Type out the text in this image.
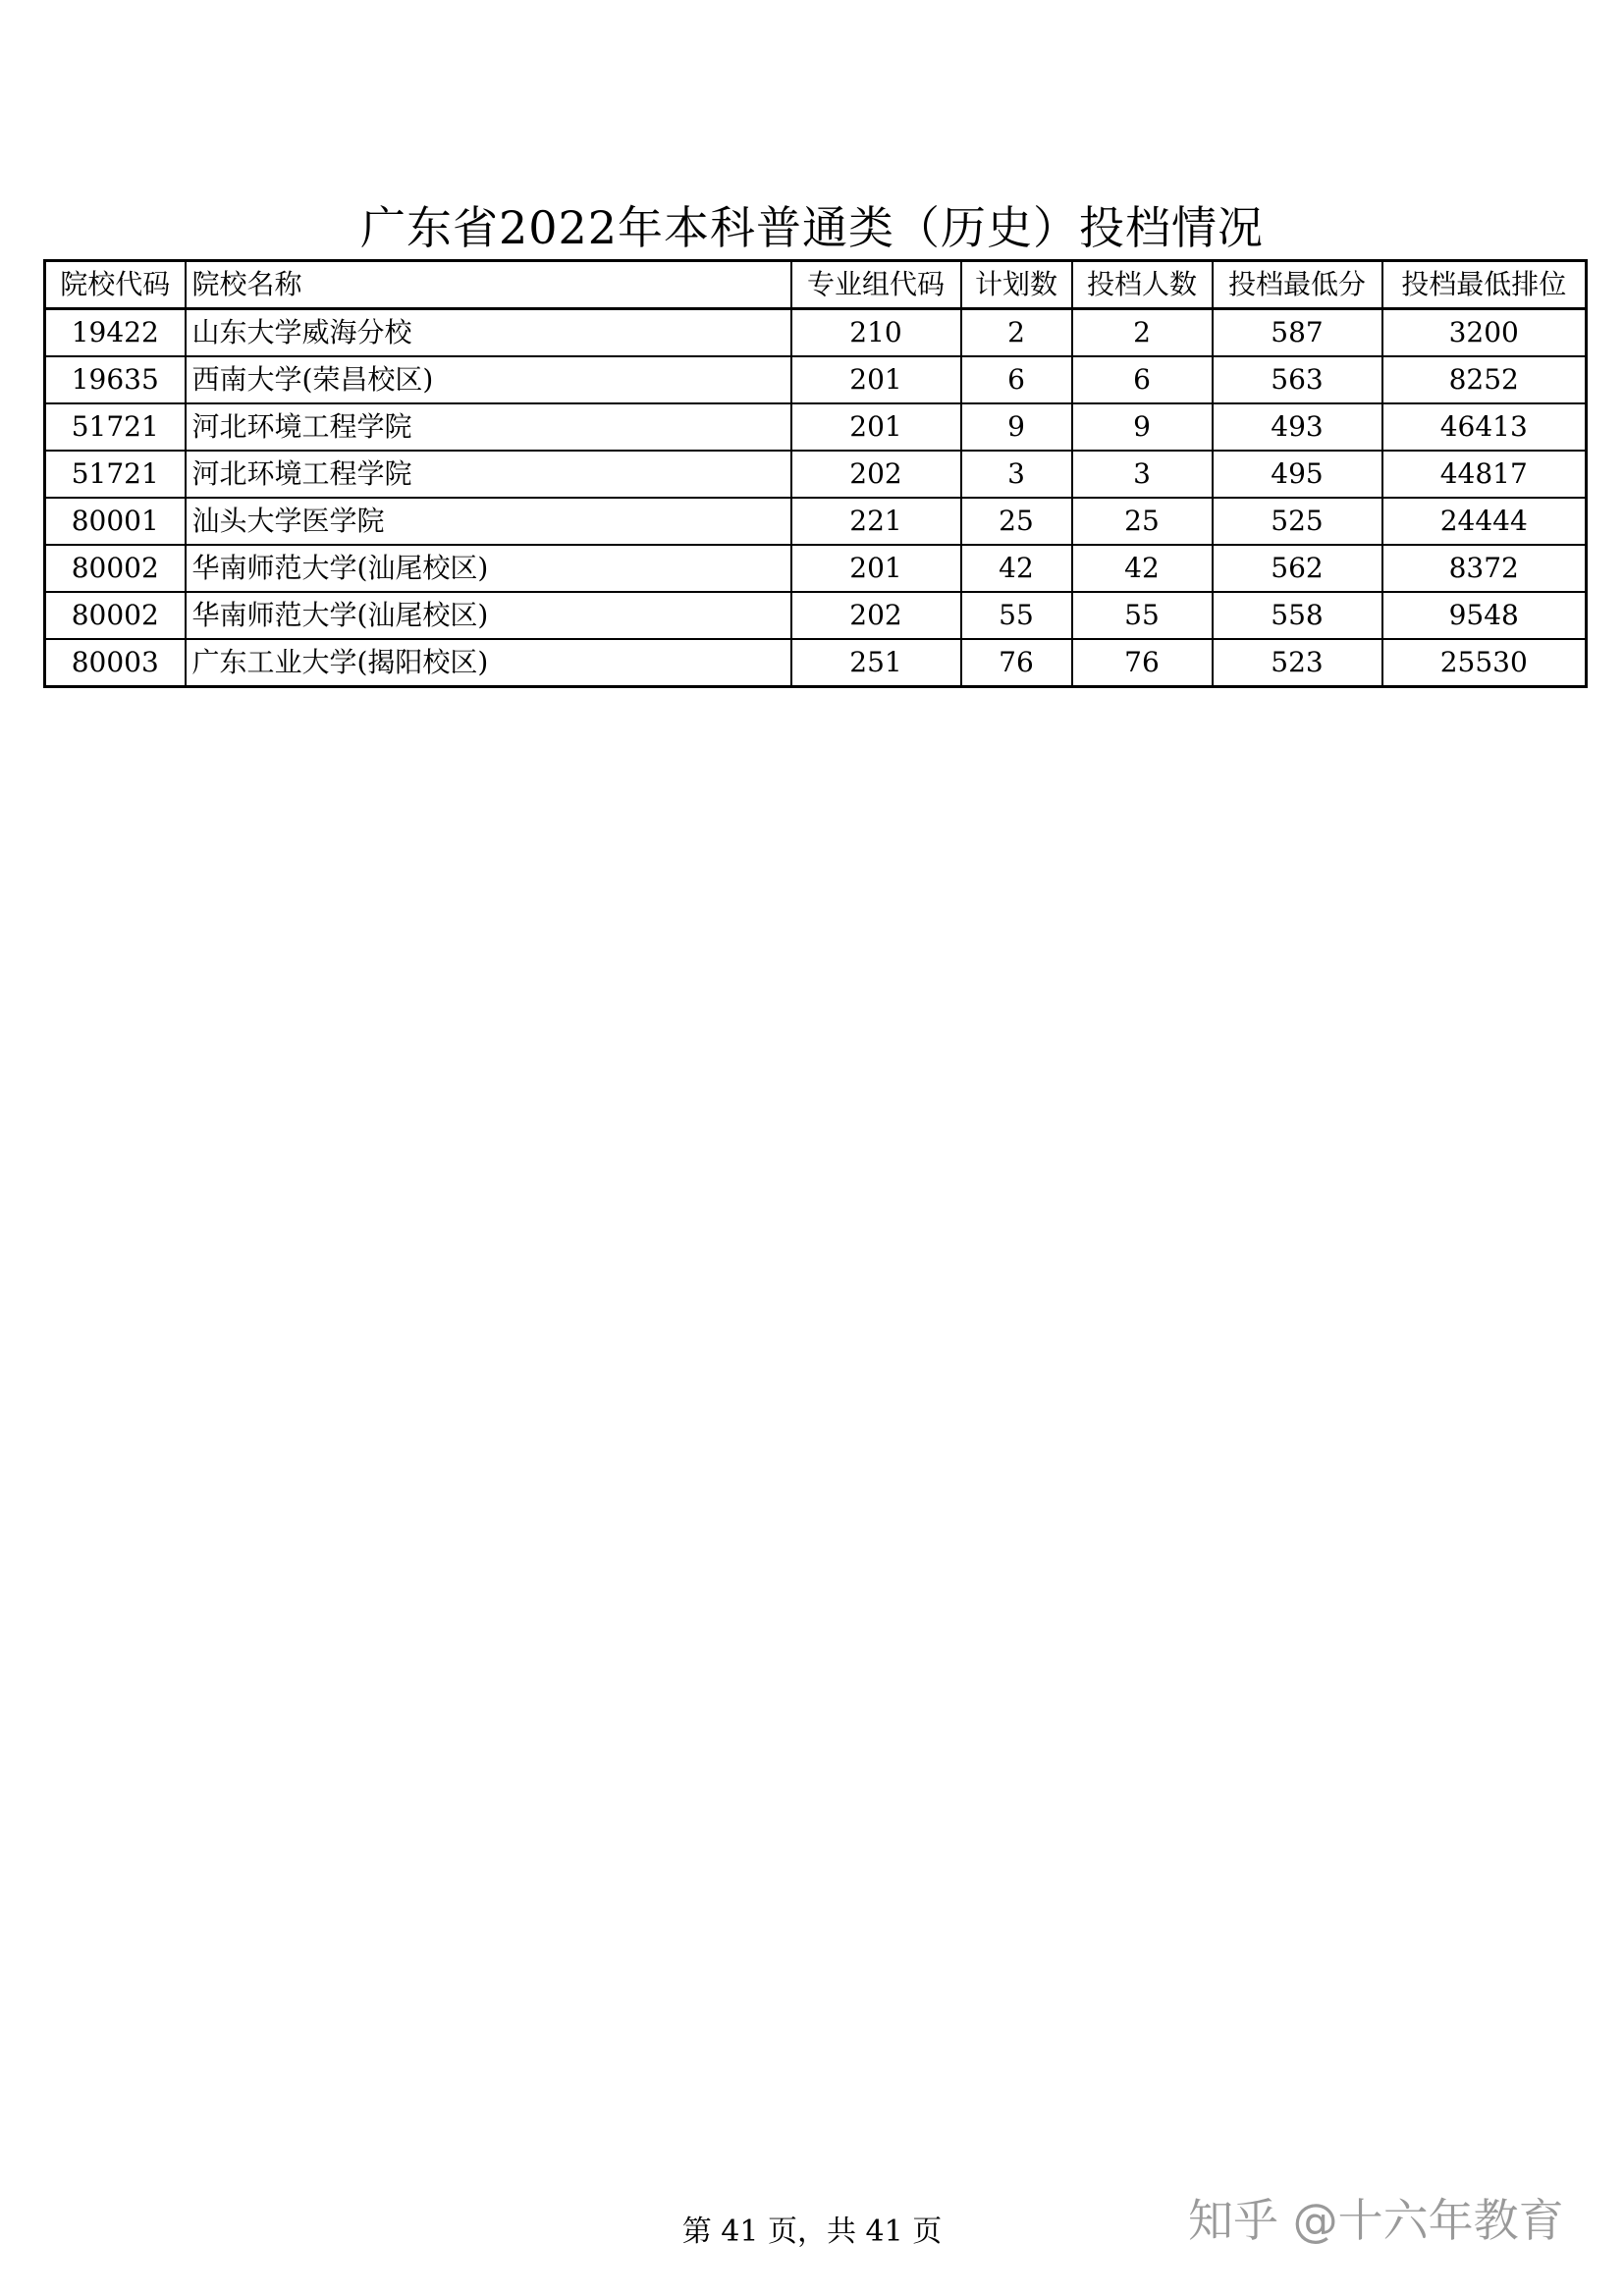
广东省2022年本科普通类（历史）投档情况
院校代码	院校名称	专业组代码	计划数	投档人数	投档最低分	投档最低排位
19422	山东大学威海分校	210	2	2	587	3200
19635	西南大学(荣昌校区)	201	6	6	563	8252
51721	河北环境工程学院	201	9	9	493	46413
51721	河北环境工程学院	202	3	3	495	44817
80001	汕头大学医学院	221	25	25	525	24444
80002	华南师范大学(汕尾校区)	201	42	42	562	8372
80002	华南师范大学(汕尾校区)	202	55	55	558	9548
80003	广东工业大学(揭阳校区)	251	76	76	523	25530
第 41 页，共 41 页	知乎 @十六年教育
